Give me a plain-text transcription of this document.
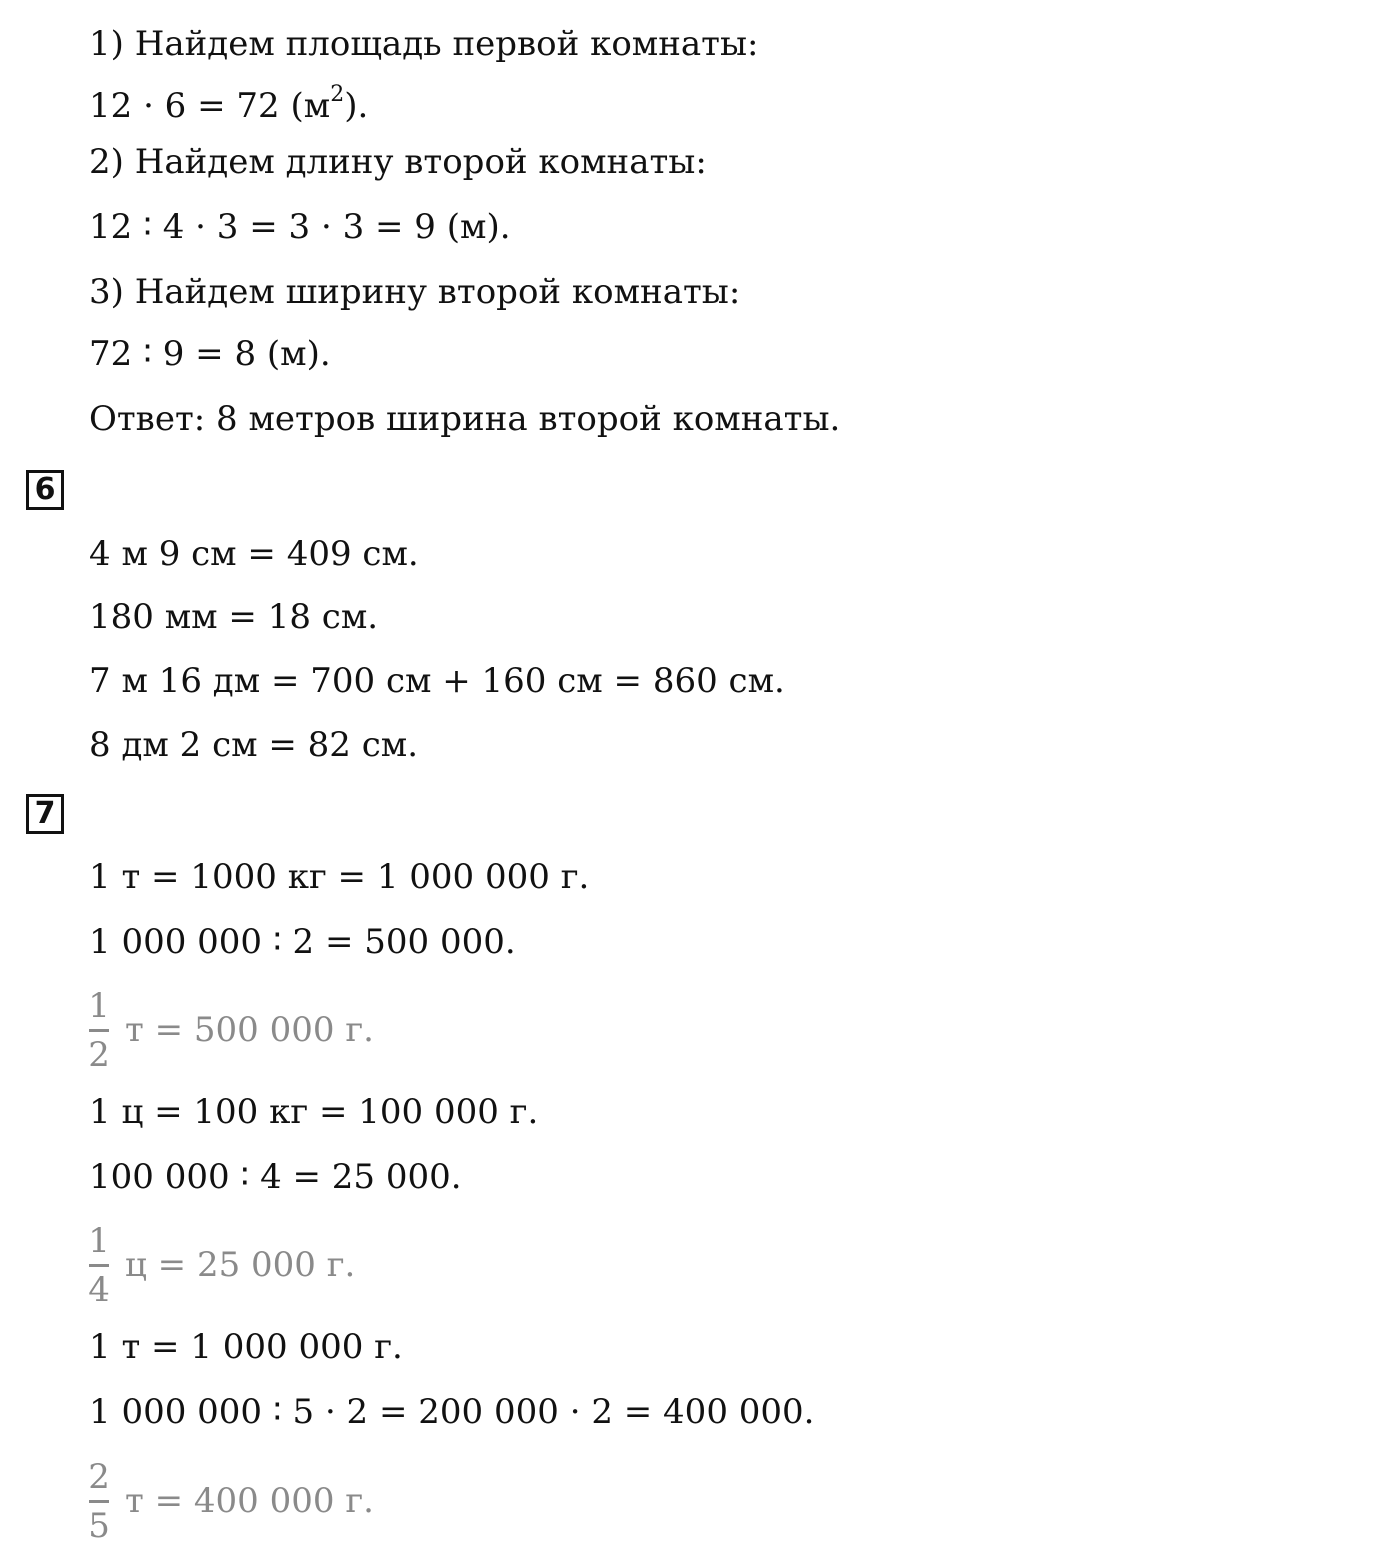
1) Найдем площадь первой комнаты:
12 · 6 = 72 $(м^2)$.
2) Найдем длину второй комнаты:
12 ∶ 4 · 3 = 3 · 3 = 9 (м).
3) Найдем ширину второй комнаты:
72 ∶ 9 = 8 (м).
Ответ: 8 метров ширина второй комнаты.
6
4 м 9 см = 409 см.
180 мм = 18 см.
7 м 16 дм = 700 см + 160 см = 860 см.
8 дм 2 см = 82 см.
7
1 т = 1000 кг = 1 000 000 г.
1 000 000 ∶ 2 = 500 000.
$\frac{1}{2}$ т = 500 000 г.
1 ц = 100 кг = 100 000 г.
100 000 ∶ 4 = 25 000.
$\frac{1}{4}$ ц = 25 000 г.
1 т = 1 000 000 г.
1 000 000 ∶ 5 · 2 = 200 000 · 2 = 400 000.
$\frac{2}{5}$ т = 400 000 г.
